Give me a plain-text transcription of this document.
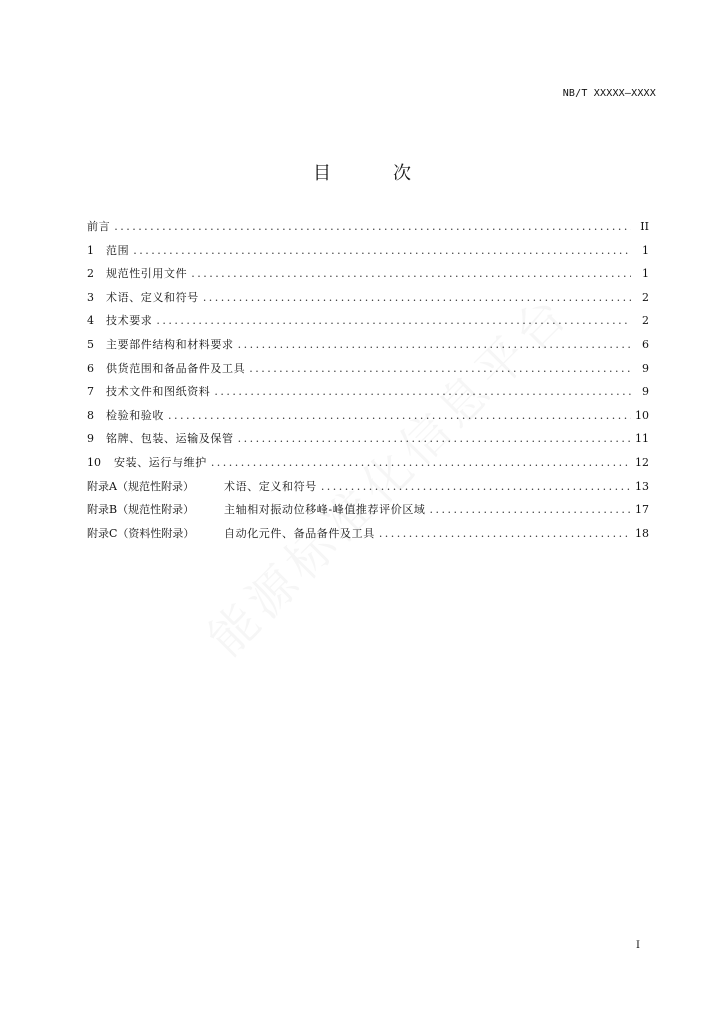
NB/T XXXXX—XXXX
目　次
前言 .....	II
1	范围 .....	1
2	规范性引用文件 .....	1
3	术语、定义和符号 .....	2
4	技术要求 .....	2
5	主要部件结构和材料要求 .....	6
6	供货范围和备品备件及工具 .....	9
7	技术文件和图纸资料 .....	9
8	检验和验收 .....	10
9	铭牌、包装、运输及保管 .....	11
10	安装、运行与维护 .....	12
附录A（规范性附录）	术语、定义和符号 .....	13
附录B（规范性附录）	主轴相对振动位移峰-峰值推荐评价区域 .....	17
附录C（资料性附录）	自动化元件、备品备件及工具 .....	18
I
